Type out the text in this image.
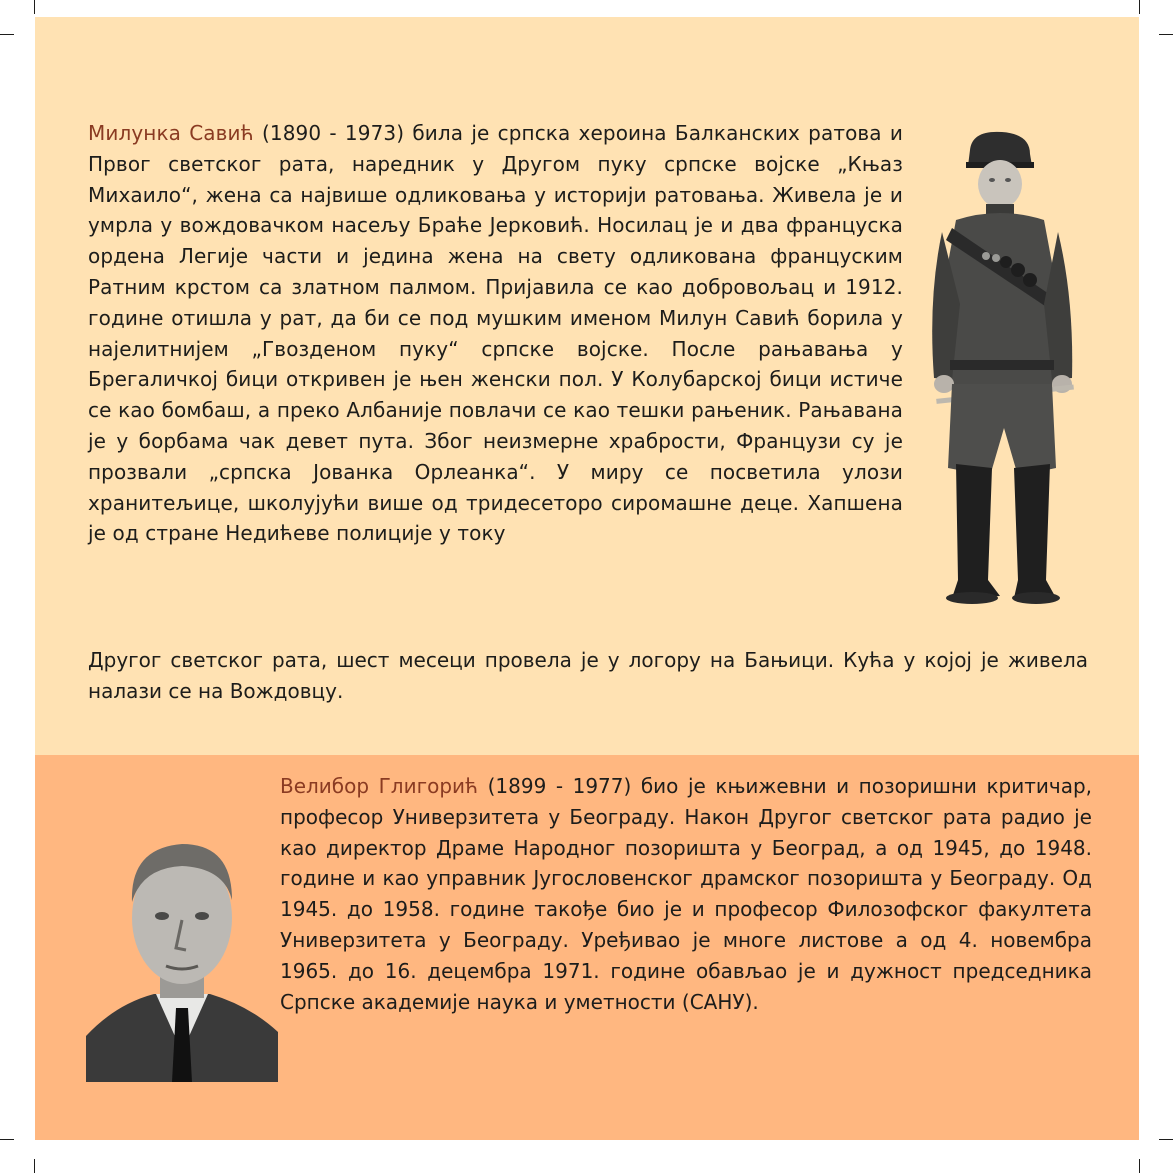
Милунка Савић (1890 - 1973) била је српска хероина Балканских ратова и Првог светског рата, наредник у Другом пуку српске војске „Књаз Михаило“, жена са највише одликовања у историји ратовања. Живела је и умрла у вождовачком насељу Браће Јерковић. Носилац је и два француска ордена Легије части и једина жена на свету одликована француским Ратним крстом са златном палмом. Пријавила се као добровољац и 1912. године отишла у рат, да би се под мушким именом Милун Савић борила у најелитнијем „Гвозденом пуку“ српске војске. После рањавања у Брегаличкој бици откривен је њен женски пол. У Колубарској бици истиче се као бомбаш, а преко Албаније повлачи се као тешки рањеник. Рањавана је у борбама чак девет пута. Због неизмерне храбрости, Французи су је прозвали „српска Јованка Орлеанка“. У миру се посветила улози хранитељице, школујући више од тридесеторо сиромашне деце. Хапшена је од стране Недићеве полиције у току

Другог светског рата, шест месеци провела је у логору на Бањици. Кућа у којој је живела налази се на Вождовцу.

Велибор Глигорић (1899 - 1977) био је књижевни и позоришни критичар, професор Универзитета у Београду. Након Другог светског рата радио је као директор Драме Народног позоришта у Београд, а од 1945, до 1948. године и као управник Југословенског драмског позоришта у Београду. Од 1945. до 1958. године такође био је и професор Филозофског факултета Универзитета у Београду. Уређивао је многе листове а од 4. новембра 1965. до 16. децембра 1971. године обављао је и дужност председника Српске академије наука и уметности (САНУ).
